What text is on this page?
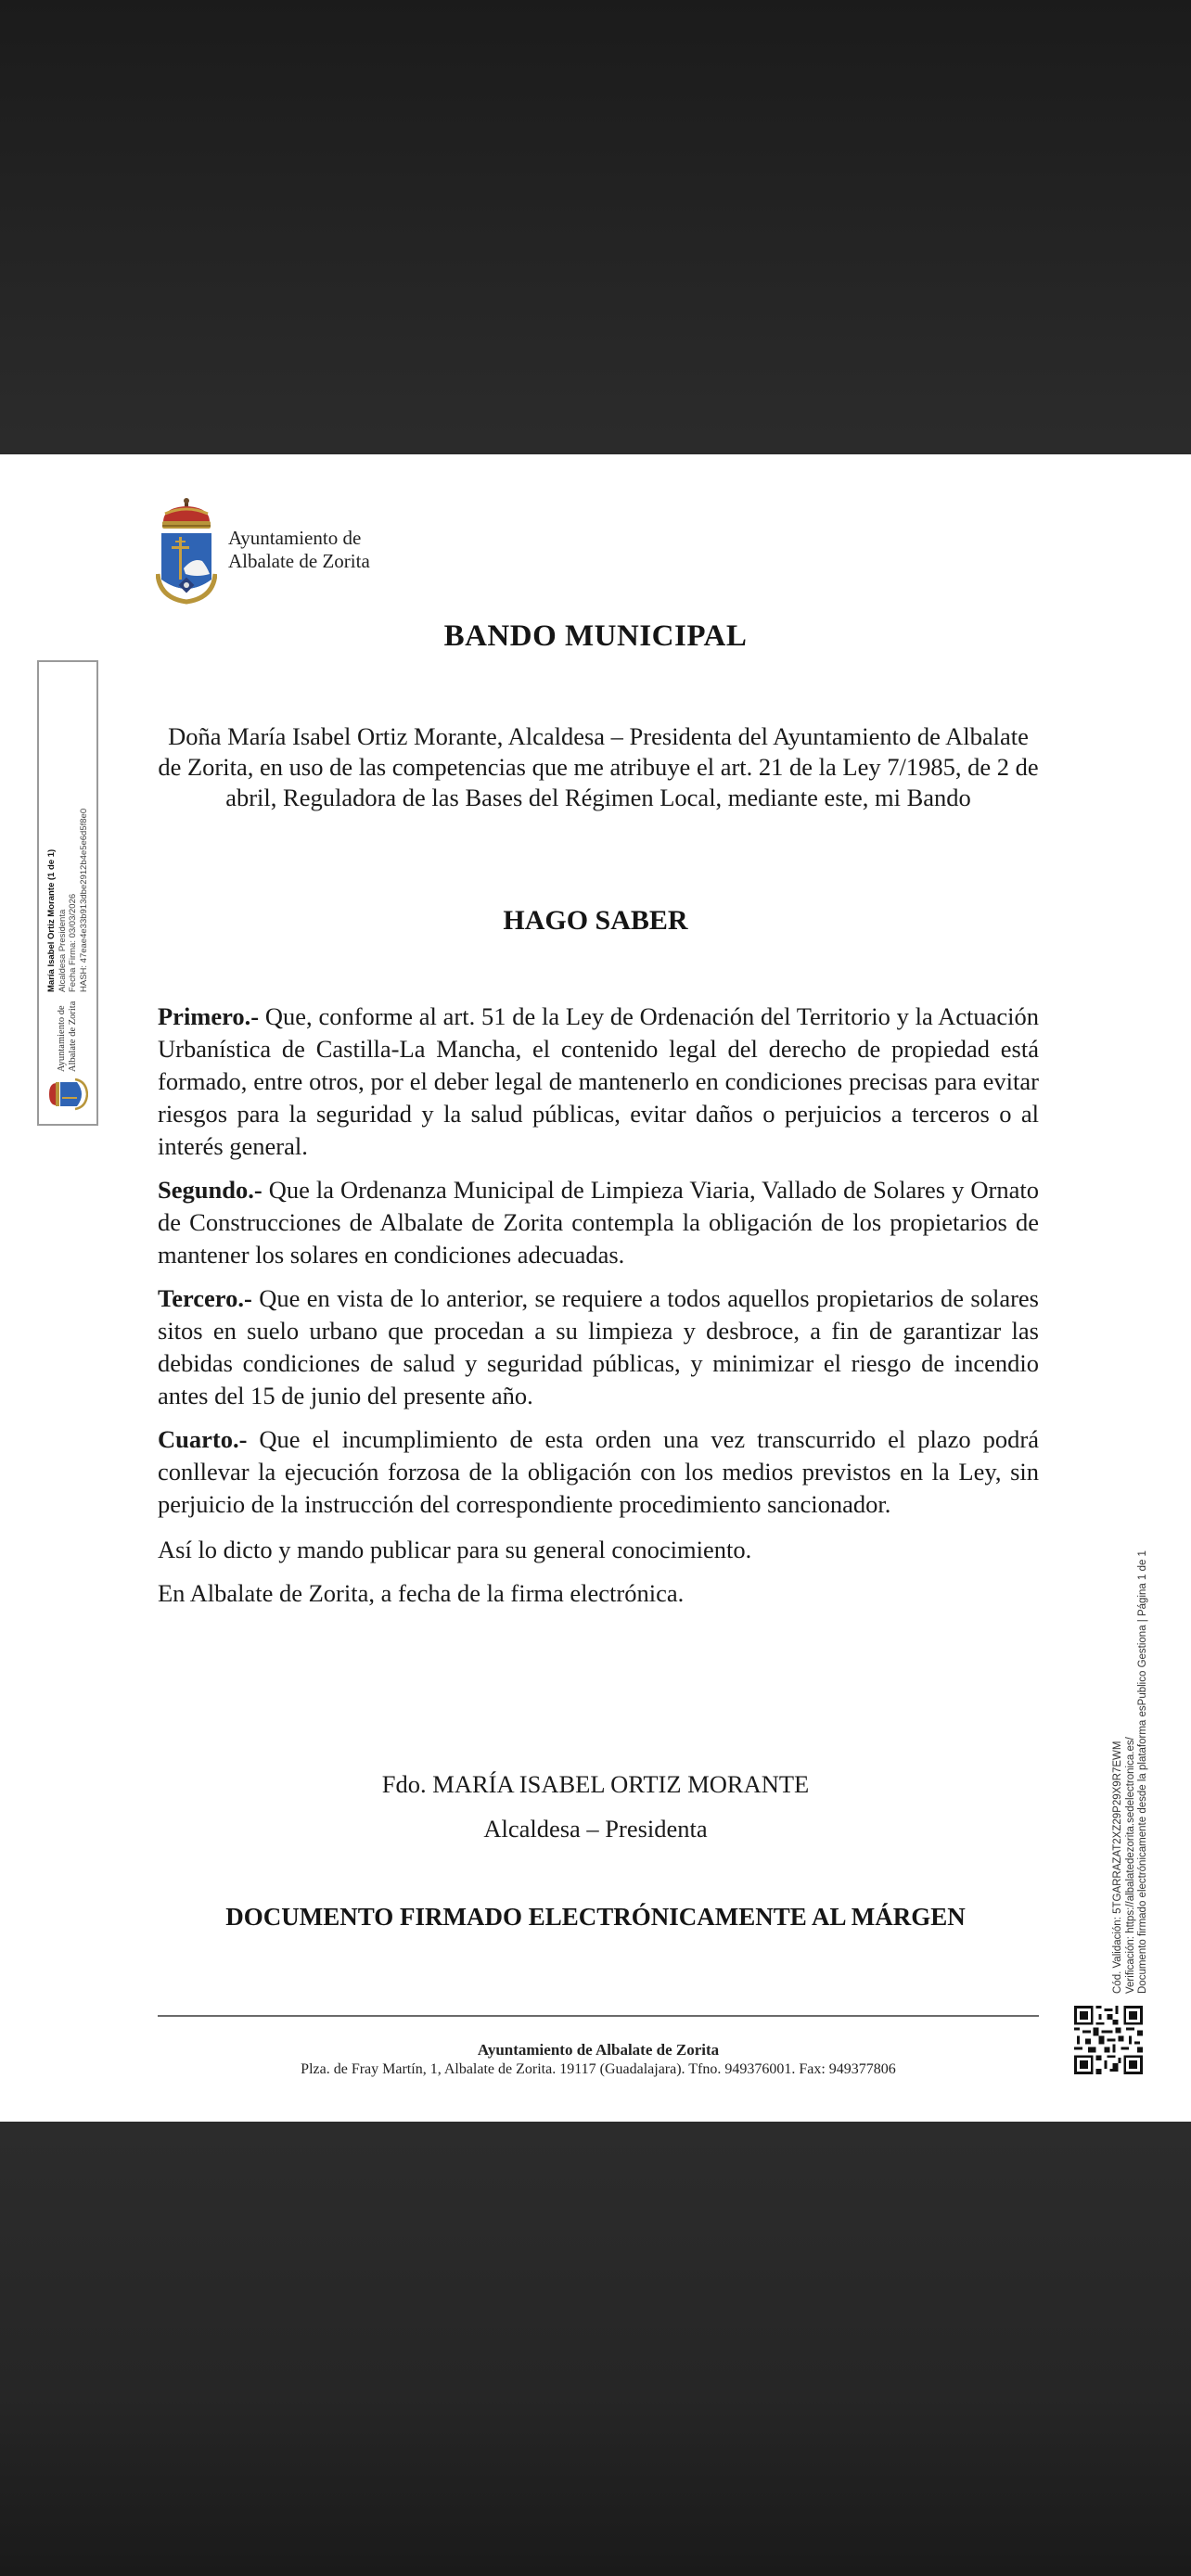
Ayuntamiento de
Albalate de Zorita
BANDO MUNICIPAL
Doña María Isabel Ortiz Morante, Alcaldesa – Presidenta del Ayuntamiento de Albalate de Zorita, en uso de las competencias que me atribuye el art. 21 de la Ley 7/1985, de 2 de abril, Reguladora de las Bases del Régimen Local, mediante este, mi Bando
HAGO SABER

Primero.- Que, conforme al art. 51 de la Ley de Ordenación del Territorio y la Actuación Urbanística de Castilla-La Mancha, el contenido legal del derecho de propiedad está formado, entre otros, por el deber legal de mantenerlo en condiciones precisas para evitar riesgos para la seguridad y la salud públicas, evitar daños o perjuicios a terceros o al interés general.

Segundo.- Que la Ordenanza Municipal de Limpieza Viaria, Vallado de Solares y Ornato de Construcciones de Albalate de Zorita contempla la obligación de los propietarios de mantener los solares en condiciones adecuadas.

Tercero.- Que en vista de lo anterior, se requiere a todos aquellos propietarios de solares sitos en suelo urbano que procedan a su limpieza y desbroce, a fin de garantizar las debidas condiciones de salud y seguridad públicas, y minimizar el riesgo de incendio antes del 15 de junio del presente año.

Cuarto.- Que el incumplimiento de esta orden una vez transcurrido el plazo podrá conllevar la ejecución forzosa de la obligación con los medios previstos en la Ley, sin perjuicio de la instrucción del correspondiente procedimiento sancionador.

Así lo dicto y mando publicar para su general conocimiento.

En Albalate de Zorita, a fecha de la firma electrónica.

Fdo. MARÍA ISABEL ORTIZ MORANTE
Alcaldesa – Presidenta
DOCUMENTO FIRMADO ELECTRÓNICAMENTE AL MÁRGEN
Ayuntamiento de Albalate de Zorita
Plza. de Fray Martín, 1, Albalate de Zorita. 19117 (Guadalajara). Tfno. 949376001. Fax: 949377806
Ayuntamiento de Albalate de Zorita
María Isabel Ortiz Morante (1 de 1) Alcaldesa Presidenta Fecha Firma: 03/03/2026 HASH: 47eae4e33b913dbe2912b4e5e6d5f8e0
Cód. Validación: 5TGARRAZAT2XZ29P29X9R7EWM Verificación: https://albalatedezorita.sedelectronica.es/ Documento firmado electrónicamente desde la plataforma esPublico Gestiona | Página 1 de 1
